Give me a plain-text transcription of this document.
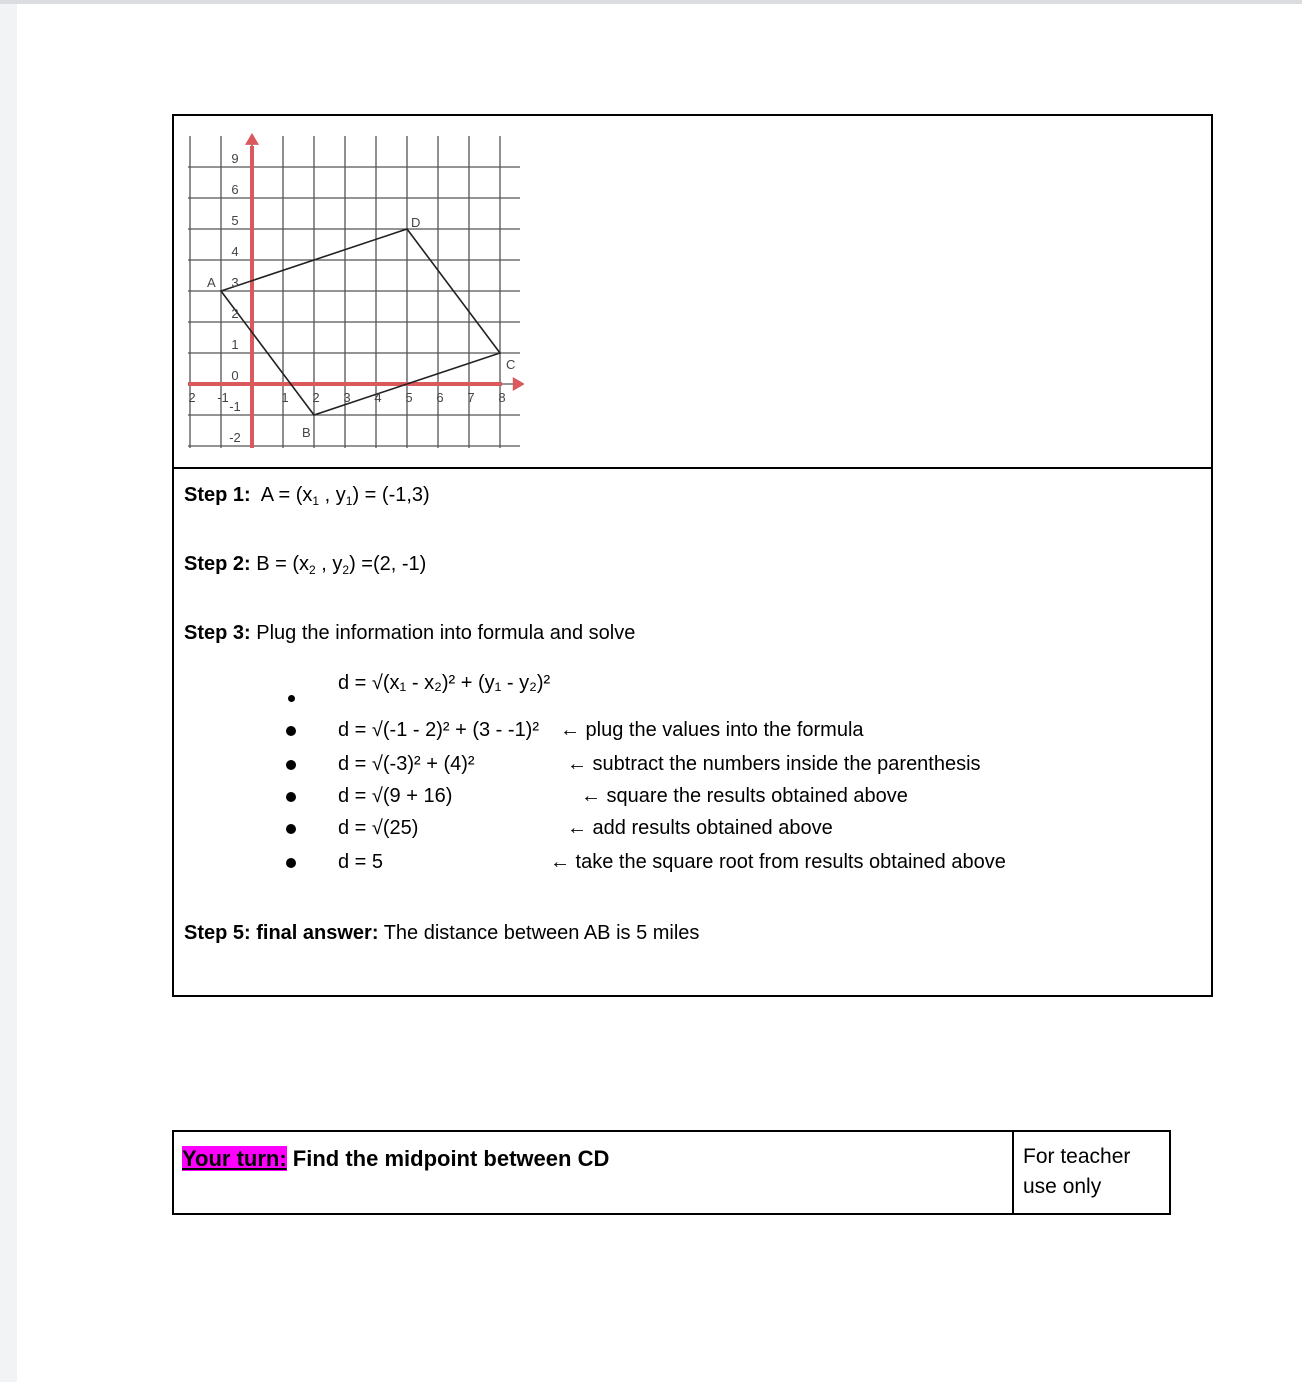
9
6
5
4
3
2
1
0
-1
-2
2 -1	1 2 3 4 5 6 7 8
A
B
C
D
Step 1: $A = (x_1$ , $y_1) = (-1,3)$
Step 2: $B = (x_2$ , $y_2) =(2$, -1)
Step 3: Plug the information into formula and solve
d = √(x₁ - x₂)² + (y₁ - y₂)²
d = √(-1 - 2)² + (3 - -1)² ← plug the values into the formula
d = √(-3)² + (4)²	← subtract the numbers inside the parenthesis
d = √(9 + 16)	← square the results obtained above
d = √(25)	← add results obtained above
d = 5	← take the square root from results obtained above
Step 5: final answer: The distance between AB is 5 miles
Your turn: Find the midpoint between CD	For teacher use only
